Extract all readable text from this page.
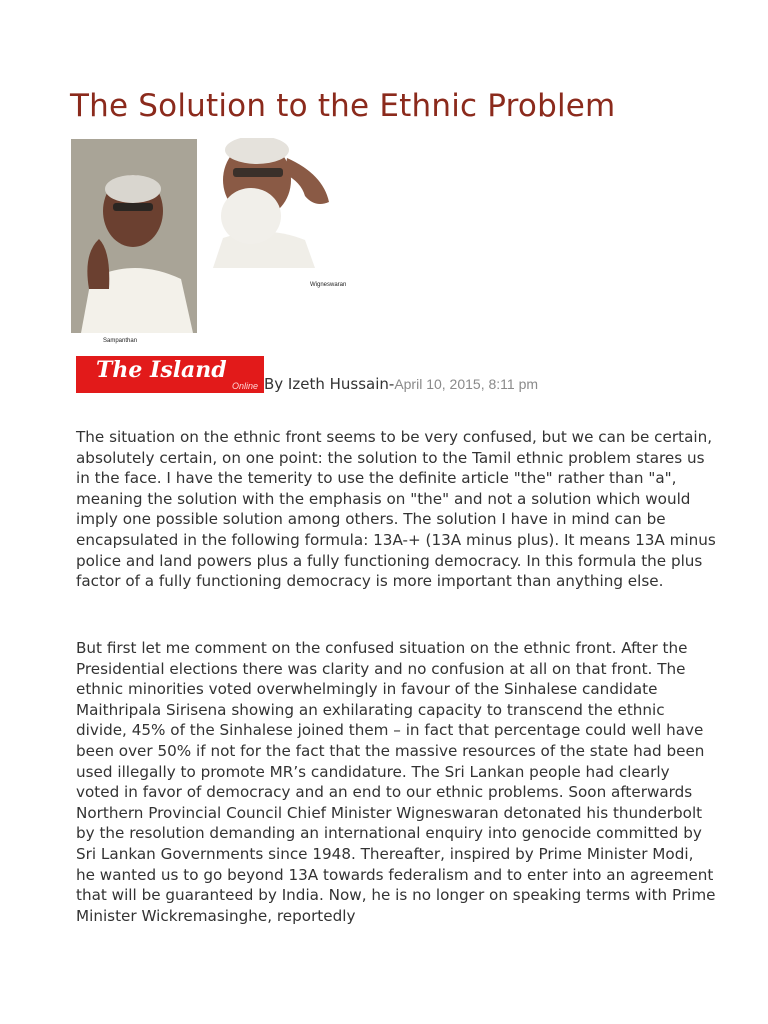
The Solution to the Ethnic Problem
Sampanthan
Wigneswaran
The Island
Online By Izeth Hussain-April 10, 2015, 8:11 pm

The situation on the ethnic front seems to be very confused, but we can be certain, absolutely certain, on one point: the solution to the Tamil ethnic problem stares us in the face. I have the temerity to use the definite article "the" rather than "a", meaning the solution with the emphasis on "the" and not a solution which would imply one possible solution among others. The solution I have in mind can be encapsulated in the following formula: 13A-+ (13A minus plus). It means 13A minus police and land powers plus a fully functioning democracy. In this formula the plus factor of a fully functioning democracy is more important than anything else.

But first let me comment on the confused situation on the ethnic front. After the Presidential elections there was clarity and no confusion at all on that front. The ethnic minorities voted overwhelmingly in favour of the Sinhalese candidate Maithripala Sirisena showing an exhilarating capacity to transcend the ethnic divide, 45% of the Sinhalese joined them – in fact that percentage could well have been over 50% if not for the fact that the massive resources of the state had been used illegally to promote MR’s candidature. The Sri Lankan people had clearly voted in favor of democracy and an end to our ethnic problems. Soon afterwards Northern Provincial Council Chief Minister Wigneswaran detonated his thunderbolt by the resolution demanding an international enquiry into genocide committed by Sri Lankan Governments since 1948. Thereafter, inspired by Prime Minister Modi, he wanted us to go beyond 13A towards federalism and to enter into an agreement that will be guaranteed by India. Now, he is no longer on speaking terms with Prime Minister Wickremasinghe, reportedly
